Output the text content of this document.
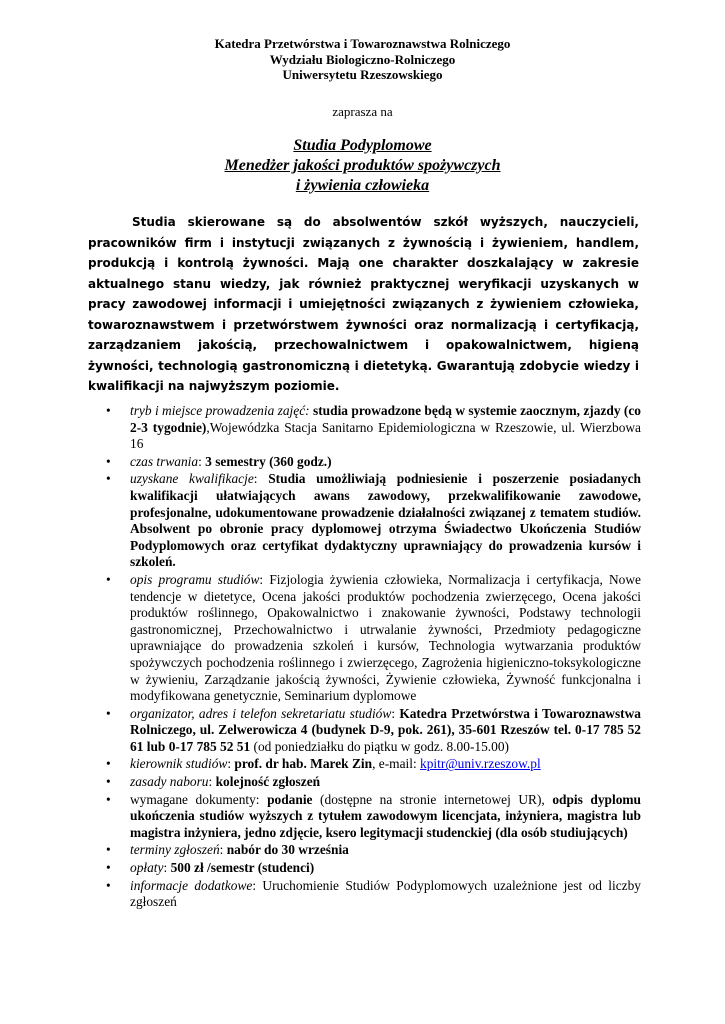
Katedra Przetwórstwa i Towaroznawstwa Rolniczego
Wydziału Biologiczno-Rolniczego
Uniwersytetu Rzeszowskiego
zaprasza na
Studia Podyplomowe
Menedżer jakości produktów spożywczych
i żywienia człowieka
Studia skierowane są do absolwentów szkół wyższych, nauczycieli, pracowników firm i instytucji związanych z żywnością i żywieniem, handlem, produkcją i kontrolą żywności. Mają one charakter doszkalający w zakresie aktualnego stanu wiedzy, jak również praktycznej weryfikacji uzyskanych w pracy zawodowej informacji i umiejętności związanych z żywieniem człowieka, towaroznawstwem i przetwórstwem żywności oraz normalizacją i certyfikacją, zarządzaniem jakością, przechowalnictwem i opakowalnictwem, higieną żywności, technologią gastronomiczną i dietetyką. Gwarantują zdobycie wiedzy i kwalifikacji na najwyższym poziomie.
• tryb i miejsce prowadzenia zajęć: studia prowadzone będą w systemie zaocznym, zjazdy (co 2-3 tygodnie),Wojewódzka Stacja Sanitarno Epidemiologiczna w Rzeszowie, ul. Wierzbowa 16
• czas trwania: 3 semestry (360 godz.)
• uzyskane kwalifikacje: Studia umożliwiają podniesienie i poszerzenie posiadanych kwalifikacji ułatwiających awans zawodowy, przekwalifikowanie zawodowe, profesjonalne, udokumentowane prowadzenie działalności związanej z tematem studiów. Absolwent po obronie pracy dyplomowej otrzyma Świadectwo Ukończenia Studiów Podyplomowych oraz certyfikat dydaktyczny uprawniający do prowadzenia kursów i szkoleń.
• opis programu studiów: Fizjologia żywienia człowieka, Normalizacja i certyfikacja, Nowe tendencje w dietetyce, Ocena jakości produktów pochodzenia zwierzęcego, Ocena jakości produktów roślinnego, Opakowalnictwo i znakowanie żywności, Podstawy technologii gastronomicznej, Przechowalnictwo i utrwalanie żywności, Przedmioty pedagogiczne uprawniające do prowadzenia szkoleń i kursów, Technologia wytwarzania produktów spożywczych pochodzenia roślinnego i zwierzęcego, Zagrożenia higieniczno-toksykologiczne w żywieniu, Zarządzanie jakością żywności, Żywienie człowieka, Żywność funkcjonalna i modyfikowana genetycznie, Seminarium dyplomowe
• organizator, adres i telefon sekretariatu studiów: Katedra Przetwórstwa i Towaroznawstwa Rolniczego, ul. Zelwerowicza 4 (budynek D-9, pok. 261), 35-601 Rzeszów tel. 0-17 785 52 61 lub 0-17 785 52 51 (od poniedziałku do piątku w godz. 8.00-15.00)
• kierownik studiów: prof. dr hab. Marek Zin, e-mail: kpitr@univ.rzeszow.pl
• zasady naboru: kolejność zgłoszeń
• wymagane dokumenty: podanie (dostępne na stronie internetowej UR), odpis dyplomu ukończenia studiów wyższych z tytułem zawodowym licencjata, inżyniera, magistra lub magistra inżyniera, jedno zdjęcie, ksero legitymacji studenckiej (dla osób studiujących)
• terminy zgłoszeń: nabór do 30 września
• opłaty: 500 zł /semestr (studenci)
• informacje dodatkowe: Uruchomienie Studiów Podyplomowych uzależnione jest od liczby zgłoszeń
